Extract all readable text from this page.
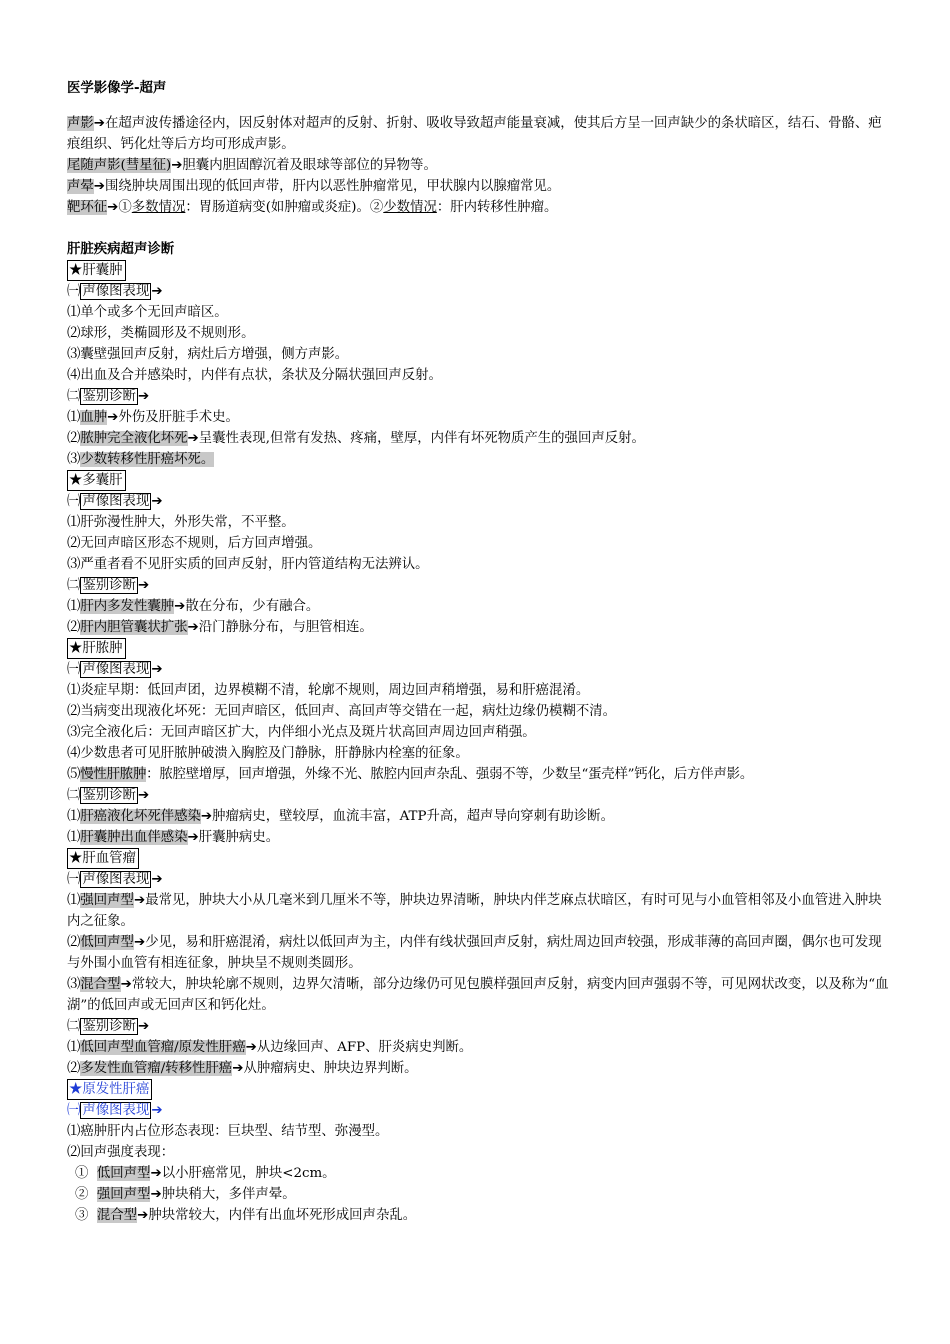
医学影像学-超声
声影➔在超声波传播途径内，因反射体对超声的反射、折射、吸收导致超声能量衰减，使其后方呈一回声缺少的条状暗区，结石、骨骼、疤痕组织、钙化灶等后方均可形成声影。
尾随声影(彗星征)➔胆囊内胆固醇沉着及眼球等部位的异物等。
声晕➔围绕肿块周围出现的低回声带，肝内以恶性肿瘤常见，甲状腺内以腺瘤常见。
靶环征➔①多数情况：胃肠道病变(如肿瘤或炎症)。②少数情况：肝内转移性肿瘤。
肝脏疾病超声诊断
★肝囊肿
㈠ 声像图表现 ➔
⑴单个或多个无回声暗区。
⑵球形，类椭圆形及不规则形。
⑶囊壁强回声反射，病灶后方增强，侧方声影。
⑷出血及合并感染时，内伴有点状，条状及分隔状强回声反射。
㈡ 鉴别诊断 ➔
⑴血肿➔外伤及肝脏手术史。
⑵脓肿完全液化坏死➔呈囊性表现,但常有发热、疼痛，壁厚，内伴有坏死物质产生的强回声反射。
⑶少数转移性肝癌坏死。
★多囊肝
㈠ 声像图表现 ➔
⑴肝弥漫性肿大，外形失常，不平整。
⑵无回声暗区形态不规则，后方回声增强。
⑶严重者看不见肝实质的回声反射，肝内管道结构无法辨认。
㈡ 鉴别诊断 ➔
⑴肝内多发性囊肿➔散在分布，少有融合。
⑵肝内胆管囊状扩张➔沿门静脉分布，与胆管相连。
★肝脓肿
㈠ 声像图表现 ➔
⑴炎症早期：低回声团，边界模糊不清，轮廓不规则，周边回声稍增强，易和肝癌混淆。
⑵当病变出现液化坏死：无回声暗区，低回声、高回声等交错在一起，病灶边缘仍模糊不清。
⑶完全液化后：无回声暗区扩大，内伴细小光点及斑片状高回声周边回声稍强。
⑷少数患者可见肝脓肿破溃入胸腔及门静脉，肝静脉内栓塞的征象。
⑸慢性肝脓肿：脓腔壁增厚，回声增强，外缘不光、脓腔内回声杂乱、强弱不等，少数呈“蛋壳样”钙化，后方伴声影。
㈡ 鉴别诊断 ➔
⑴肝癌液化坏死伴感染➔肿瘤病史，壁较厚，血流丰富，ATP升高，超声导向穿刺有助诊断。
⑴肝囊肿出血伴感染➔肝囊肿病史。
★肝血管瘤
㈠ 声像图表现 ➔
⑴强回声型➔最常见，肿块大小从几毫米到几厘米不等，肿块边界清晰，肿块内伴芝麻点状暗区，有时可见与小血管相邻及小血管进入肿块内之征象。
⑵低回声型➔少见，易和肝癌混淆，病灶以低回声为主，内伴有线状强回声反射，病灶周边回声较强，形成菲薄的高回声圈，偶尔也可发现与外围小血管有相连征象，肿块呈不规则类圆形。
⑶混合型➔常较大，肿块轮廓不规则，边界欠清晰，部分边缘仍可见包膜样强回声反射，病变内回声强弱不等，可见网状改变，以及称为“血湖”的低回声或无回声区和钙化灶。
㈡ 鉴别诊断 ➔
⑴低回声型血管瘤/原发性肝癌➔从边缘回声、AFP、肝炎病史判断。
⑵多发性血管瘤/转移性肝癌➔从肿瘤病史、肿块边界判断。
★原发性肝癌
㈠ 声像图表现 ➔
⑴癌肿肝内占位形态表现：巨块型、结节型、弥漫型。
⑵回声强度表现：
① 低回声型➔以小肝癌常见，肿块<2cm。
② 强回声型➔肿块稍大，多伴声晕。
③ 混合型➔肿块常较大，内伴有出血坏死形成回声杂乱。
